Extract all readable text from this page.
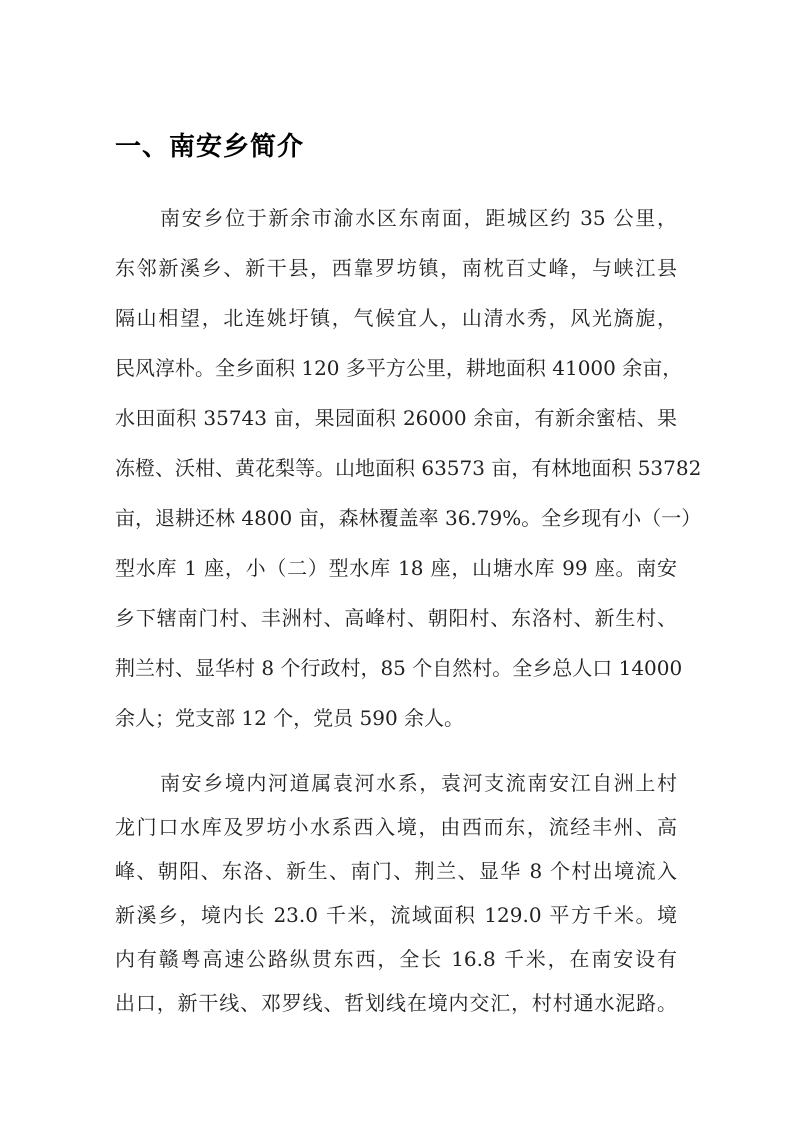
一、南安乡简介
南安乡位于新余市渝水区东南面，距城区约 35 公里，
东邻新溪乡、新干县，西靠罗坊镇，南枕百丈峰，与峡江县
隔山相望，北连姚圩镇，气候宜人，山清水秀，风光旖旎，
民风淳朴。全乡面积 120 多平方公里，耕地面积 41000 余亩，
水田面积 35743 亩，果园面积 26000 余亩，有新余蜜桔、果
冻橙、沃柑、黄花梨等。山地面积 63573 亩，有林地面积 53782
亩，退耕还林 4800 亩，森林覆盖率 36.79%。全乡现有小（一）
型水库 1 座，小（二）型水库 18 座，山塘水库 99 座。南安
乡下辖南门村、丰洲村、高峰村、朝阳村、东洛村、新生村、
荆兰村、显华村 8 个行政村，85 个自然村。全乡总人口 14000
余人；党支部 12 个，党员 590 余人。
南安乡境内河道属袁河水系，袁河支流南安江自洲上村
龙门口水库及罗坊小水系西入境，由西而东，流经丰州、高
峰、朝阳、东洛、新生、南门、荆兰、显华 8 个村出境流入
新溪乡，境内长 23.0 千米，流域面积 129.0 平方千米。境
内有赣粤高速公路纵贯东西，全长 16.8 千米，在南安设有
出口，新干线、邓罗线、哲划线在境内交汇，村村通水泥路。
